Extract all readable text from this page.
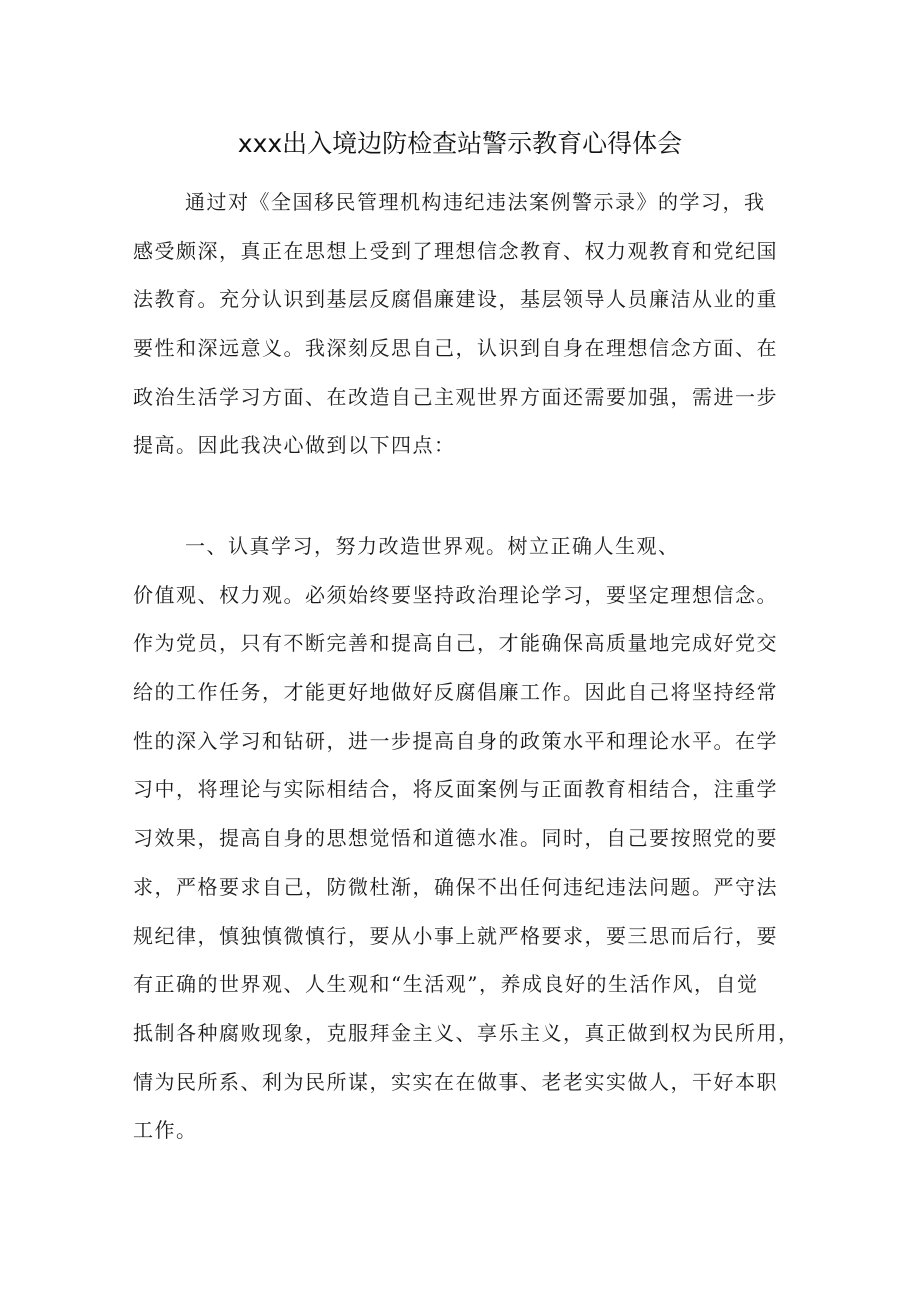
xxx出入境边防检查站警示教育心得体会
通过对《全国移民管理机构违纪违法案例警示录》的学习，我
感受颇深，真正在思想上受到了理想信念教育、权力观教育和党纪国
法教育。充分认识到基层反腐倡廉建设，基层领导人员廉洁从业的重
要性和深远意义。我深刻反思自己，认识到自身在理想信念方面、在
政治生活学习方面、在改造自己主观世界方面还需要加强，需进一步
提高。因此我决心做到以下四点：
一、认真学习，努力改造世界观。树立正确人生观、
价值观、权力观。必须始终要坚持政治理论学习，要坚定理想信念。
作为党员，只有不断完善和提高自己，才能确保高质量地完成好党交
给的工作任务，才能更好地做好反腐倡廉工作。因此自己将坚持经常
性的深入学习和钻研，进一步提高自身的政策水平和理论水平。在学
习中，将理论与实际相结合，将反面案例与正面教育相结合，注重学
习效果，提高自身的思想觉悟和道德水准。同时，自己要按照党的要
求，严格要求自己，防微杜渐，确保不出任何违纪违法问题。严守法
规纪律，慎独慎微慎行，要从小事上就严格要求，要三思而后行，要
有正确的世界观、人生观和“生活观”，养成良好的生活作风，自觉
抵制各种腐败现象，克服拜金主义、享乐主义，真正做到权为民所用，
情为民所系、利为民所谋，实实在在做事、老老实实做人，干好本职
工作。
